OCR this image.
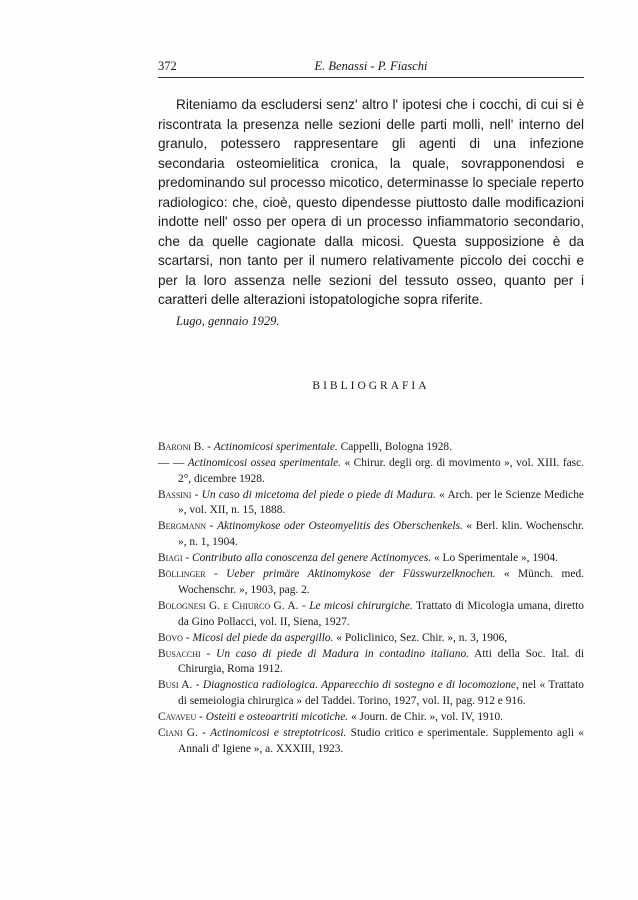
372	E. Benassi - P. Fiaschi
Riteniamo da escludersi senz' altro l' ipotesi che i cocchi, di cui si è riscontrata la presenza nelle sezioni delle parti molli, nell' interno del granulo, potessero rappresentare gli agenti di una infezione secondaria osteomielitica cronica, la quale, sovrapponendosi e predominando sul processo micotico, determinasse lo speciale reperto radiologico: che, cioè, questo dipendesse piuttosto dalle modificazioni indotte nell' osso per opera di un processo infiammatorio secondario, che da quelle cagionate dalla micosi. Questa supposizione è da scartarsi, non tanto per il numero relativamente piccolo dei cocchi e per la loro assenza nelle sezioni del tessuto osseo, quanto per i caratteri delle alterazioni istopatologiche sopra riferite.
Lugo, gennaio 1929.
BIBLIOGRAFIA

Baroni B. - Actinomicosi sperimentale. Cappelli, Bologna 1928.

— — Actinomicosi ossea sperimentale. « Chirur. degli org. di movimento », vol. XIII. fasc. 2°, dicembre 1928.

Bassini - Un caso di micetoma del piede o piede di Madura. « Arch. per le Scienze Mediche », vol. XII, n. 15, 1888.

Bergmann - Aktinomykose oder Osteomyelitis des Oberschenkels. « Berl. klin. Wochenschr. », n. 1, 1904.

Biagi - Contributo alla conoscenza del genere Actinomyces. « Lo Sperimentale », 1904.

Böllinger - Ueber primäre Aktinomykose der Füsswurzelknochen. « Münch. med. Wochenschr. », 1903, pag. 2.

Bolognesi G. e Chiurco G. A. - Le micosi chirurgiche. Trattato di Micologia umana, diretto da Gino Pollacci, vol. II, Siena, 1927.

Bovo - Micosi del piede da aspergillo. « Policlinico, Sez. Chir. », n. 3, 1906,

Busacchi - Un caso di piede di Madura in contadino italiano. Atti della Soc. Ital. di Chirurgia, Roma 1912.

Busi A. - Diagnostica radiologica. Apparecchio di sostegno e di locomozione, nel « Trattato di semeiologia chirurgica » del Taddei. Torino, 1927, vol. II, pag. 912 e 916.

Cavaveu - Osteiti e osteoartriti micotiche. « Journ. de Chir. », vol. IV, 1910.

Ciani G. - Actinomicosi e streptotricosi. Studio critico e sperimentale. Supplemento agli « Annali d' Igiene », a. XXXIII, 1923.
